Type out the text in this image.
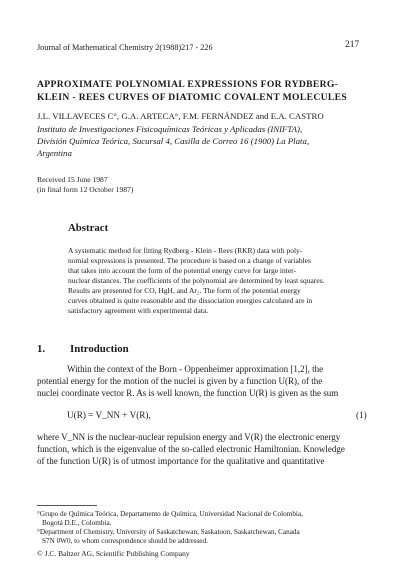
Journal of Mathematical Chemistry 2(1988)217 - 226	217
APPROXIMATE POLYNOMIAL EXPRESSIONS FOR RYDBERG-
KLEIN - REES CURVES OF DIATOMIC COVALENT MOLECULES
J.L. VILLAVECES C°, G.A. ARTECA°, F.M. FERNÁNDEZ and E.A. CASTRO
Instituto de Investigaciones Fisicoquímicas Teóricas y Aplicadas (INIFTA),
División Química Teórica, Sucursal 4, Casilla de Correo 16 (1900) La Plata,
Argentina
Received 15 June 1987
(in final form 12 October 1987)
Abstract
A systematic method for fitting Rydberg - Klein - Rees (RKR) data with poly-
nomial expressions is presented. The procedure is based on a change of variables
that takes into account the form of the potential energy curve for large inter-
nuclear distances. The coefficients of the polynomial are determined by least squares.
Results are presented for CO, HgH, and Ar₂. The form of the potential energy
curves obtained is quite reasonable and the dissociation energies calculated are in
satisfactory agreement with experimental data.
1. Introduction
Within the context of the Born - Oppenheimer approximation [1,2], the
potential energy for the motion of the nuclei is given by a function U(R), of the
nuclei coordinate vector R. As is well known, the function U(R) is given as the sum
U(R) = V_NN + V(R),	(1)
where V_NN is the nuclear-nuclear repulsion energy and V(R) the electronic energy
function, which is the eigenvalue of the so-called electronic Hamiltonian. Knowledge
of the function U(R) is of utmost importance for the qualitative and quantitative
°Grupo de Química Teórica, Departamento de Química, Universidad Nacional de Colombia,
Bogotá D.E., Colombia.
°Department of Chemistry, University of Saskatchewan, Saskatoon, Saskatchewan, Canada
S7N 0W0, to whom correspondence should be addressed.
© J.C. Baltzer AG, Scientific Publishing Company
